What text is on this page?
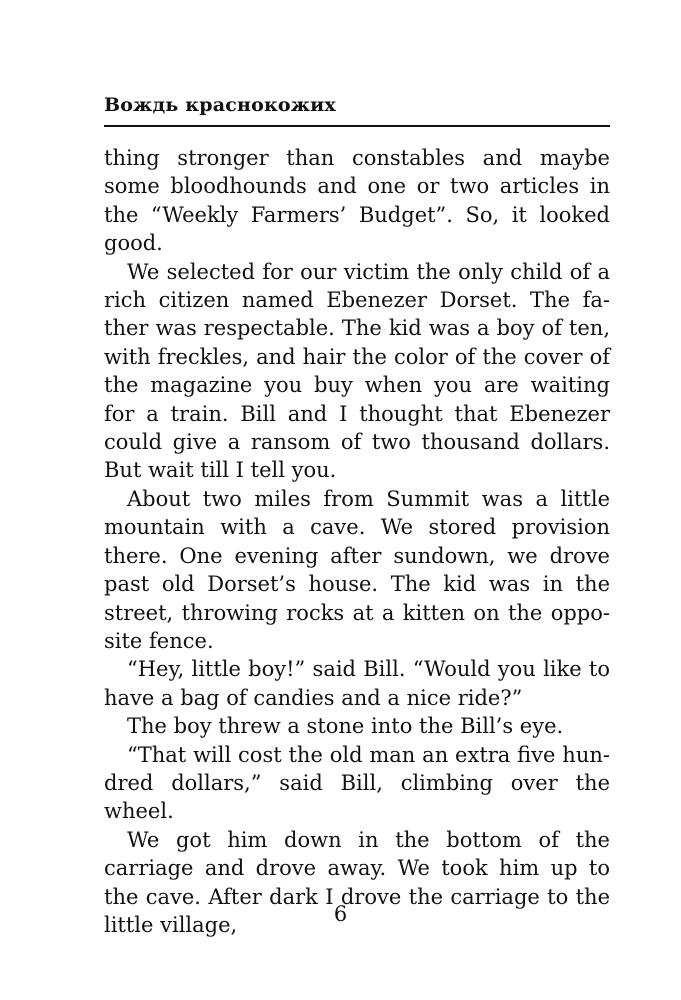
Вождь краснокожих

thing stronger than constables and maybe some bloodhounds and one or two articles in the “Weekly Farmers’ Budget”. So, it looked good.

We selected for our victim the only child of a rich citizen named Ebenezer Dorset. The father was respectable. The kid was a boy of ten, with freckles, and hair the color of the cover of the magazine you buy when you are waiting for a train. Bill and I thought that Ebenezer could give a ransom of two thousand dollars. But wait till I tell you.

About two miles from Summit was a little mountain with a cave. We stored provision there. One evening after sundown, we drove past old Dorset’s house. The kid was in the street, throwing rocks at a kitten on the opposite fence.

“Hey, little boy!” said Bill. “Would you like to have a bag of candies and a nice ride?”

The boy threw a stone into the Bill’s eye.

“That will cost the old man an extra five hundred dollars,” said Bill, climbing over the wheel.

We got him down in the bottom of the carriage and drove away. We took him up to the cave. After dark I drove the carriage to the little village,	6
